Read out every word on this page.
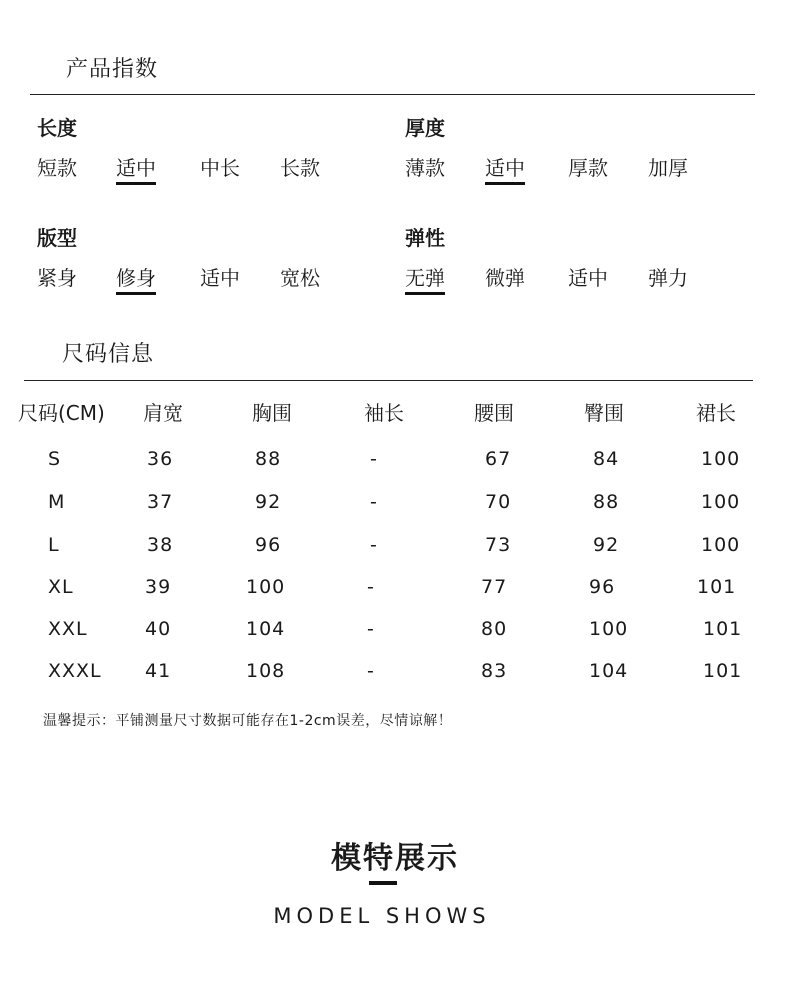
产品指数
长度
短款 适中 中长 长款
厚度
薄款 适中 厚款 加厚
版型
紧身 修身 适中 宽松
弹性
无弹 微弹 适中 弹力
尺码信息
尺码(CM) 肩宽	胸围	袖长	腰围	臀围	裙长
S	36	88	-	67	84	100
M	37	92	-	70	88	100
L	38	96	-	73	92	100
XL	39	100	-	77	96	101
XXL	40	104	-	80	100	101
XXXL 41	108	-	83	104	101
温馨提示：平铺测量尺寸数据可能存在1-2cm误差，尽情谅解！
模特展示
MODEL SHOWS
